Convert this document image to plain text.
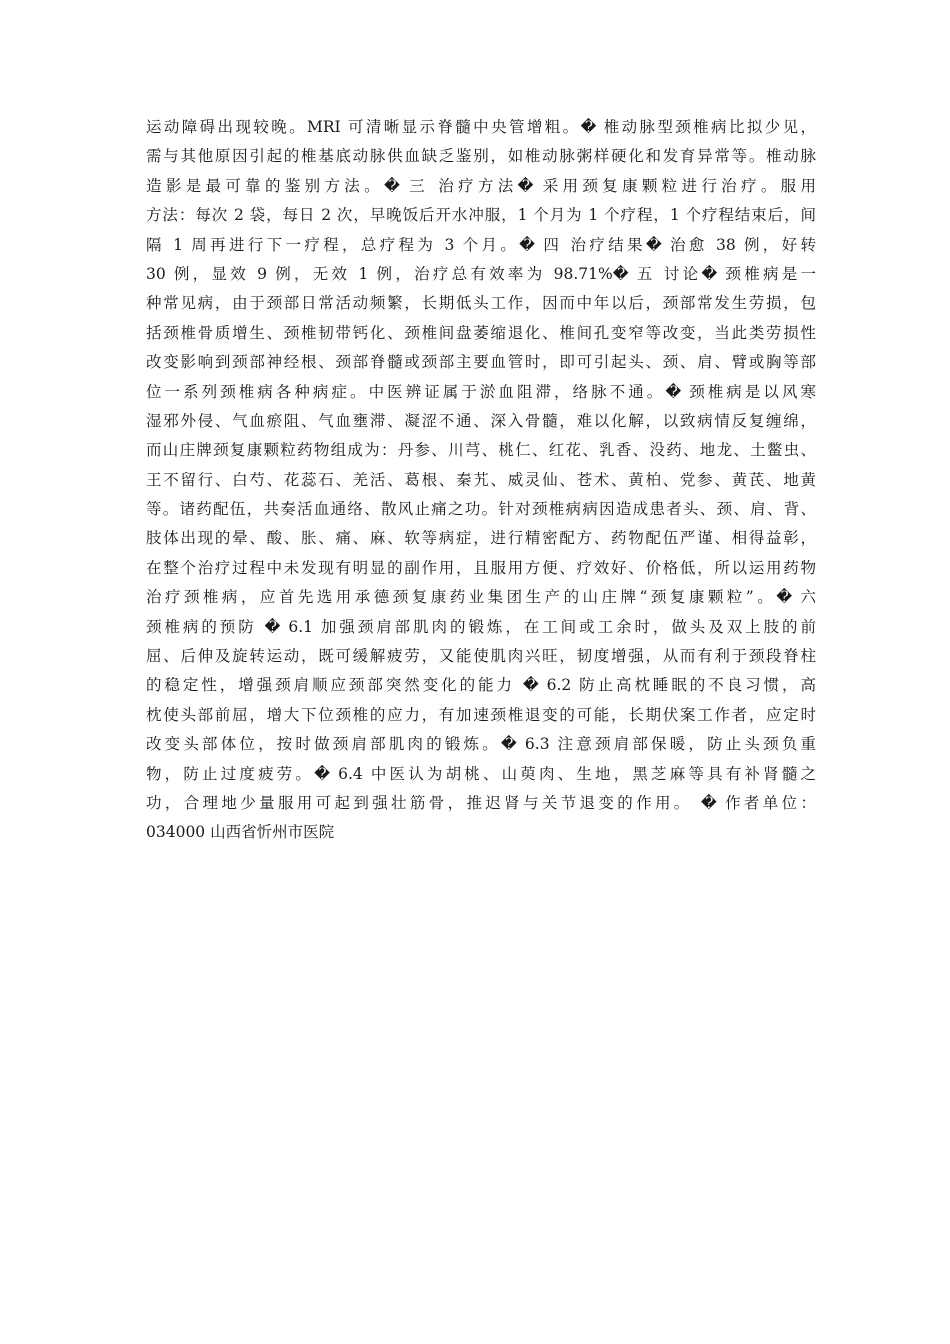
运动障碍出现较晚。MRI 可清晰显示脊髓中央管增粗。� 椎动脉型颈椎病比拟少见，
需与其他原因引起的椎基底动脉供血缺乏鉴别，如椎动脉粥样硬化和发育异常等。椎动脉
造影是最可靠的鉴别方法。� 三 治疗方法� 采用颈复康颗粒进行治疗。服用
方法：每次 2 袋，每日 2 次，早晚饭后开水冲服，1 个月为 1 个疗程，1 个疗程结束后，间
隔 1 周再进行下一疗程，总疗程为 3 个月。� 四 治疗结果� 治愈 38 例，好转
30 例，显效 9 例，无效 1 例，治疗总有效率为 98.71%� 五 讨论� 颈椎病是一
种常见病，由于颈部日常活动频繁，长期低头工作，因而中年以后，颈部常发生劳损，包
括颈椎骨质增生、颈椎韧带钙化、颈椎间盘萎缩退化、椎间孔变窄等改变，当此类劳损性
改变影响到颈部神经根、颈部脊髓或颈部主要血管时，即可引起头、颈、肩、臂或胸等部
位一系列颈椎病各种病症。中医辨证属于淤血阻滞，络脉不通。� 颈椎病是以风寒
湿邪外侵、气血瘀阻、气血壅滞、凝涩不通、深入骨髓，难以化解，以致病情反复缠绵，
而山庄牌颈复康颗粒药物组成为：丹参、川芎、桃仁、红花、乳香、没药、地龙、土鳖虫、
王不留行、白芍、花蕊石、羌活、葛根、秦艽、威灵仙、苍术、黄柏、党参、黄芪、地黄
等。诸药配伍，共奏活血通络、散风止痛之功。针对颈椎病病因造成患者头、颈、肩、背、
肢体出现的晕、酸、胀、痛、麻、软等病症，进行精密配方、药物配伍严谨、相得益彰，
在整个治疗过程中未发现有明显的副作用，且服用方便、疗效好、价格低，所以运用药物
治疗颈椎病，应首先选用承德颈复康药业集团生产的山庄牌“颈复康颗粒”。� 六
颈椎病的预防 � 6.1 加强颈肩部肌肉的锻炼，在工间或工余时，做头及双上肢的前
屈、后伸及旋转运动，既可缓解疲劳，又能使肌肉兴旺，韧度增强，从而有利于颈段脊柱
的稳定性，增强颈肩顺应颈部突然变化的能力 � 6.2 防止高枕睡眠的不良习惯，高
枕使头部前屈，增大下位颈椎的应力，有加速颈椎退变的可能，长期伏案工作者，应定时
改变头部体位，按时做颈肩部肌肉的锻炼。� 6.3 注意颈肩部保暖，防止头颈负重
物，防止过度疲劳。� 6.4 中医认为胡桃、山萸肉、生地，黑芝麻等具有补肾髓之
功，合理地少量服用可起到强壮筋骨，推迟肾与关节退变的作用。 � 作者单位：
034000 山西省忻州市医院
